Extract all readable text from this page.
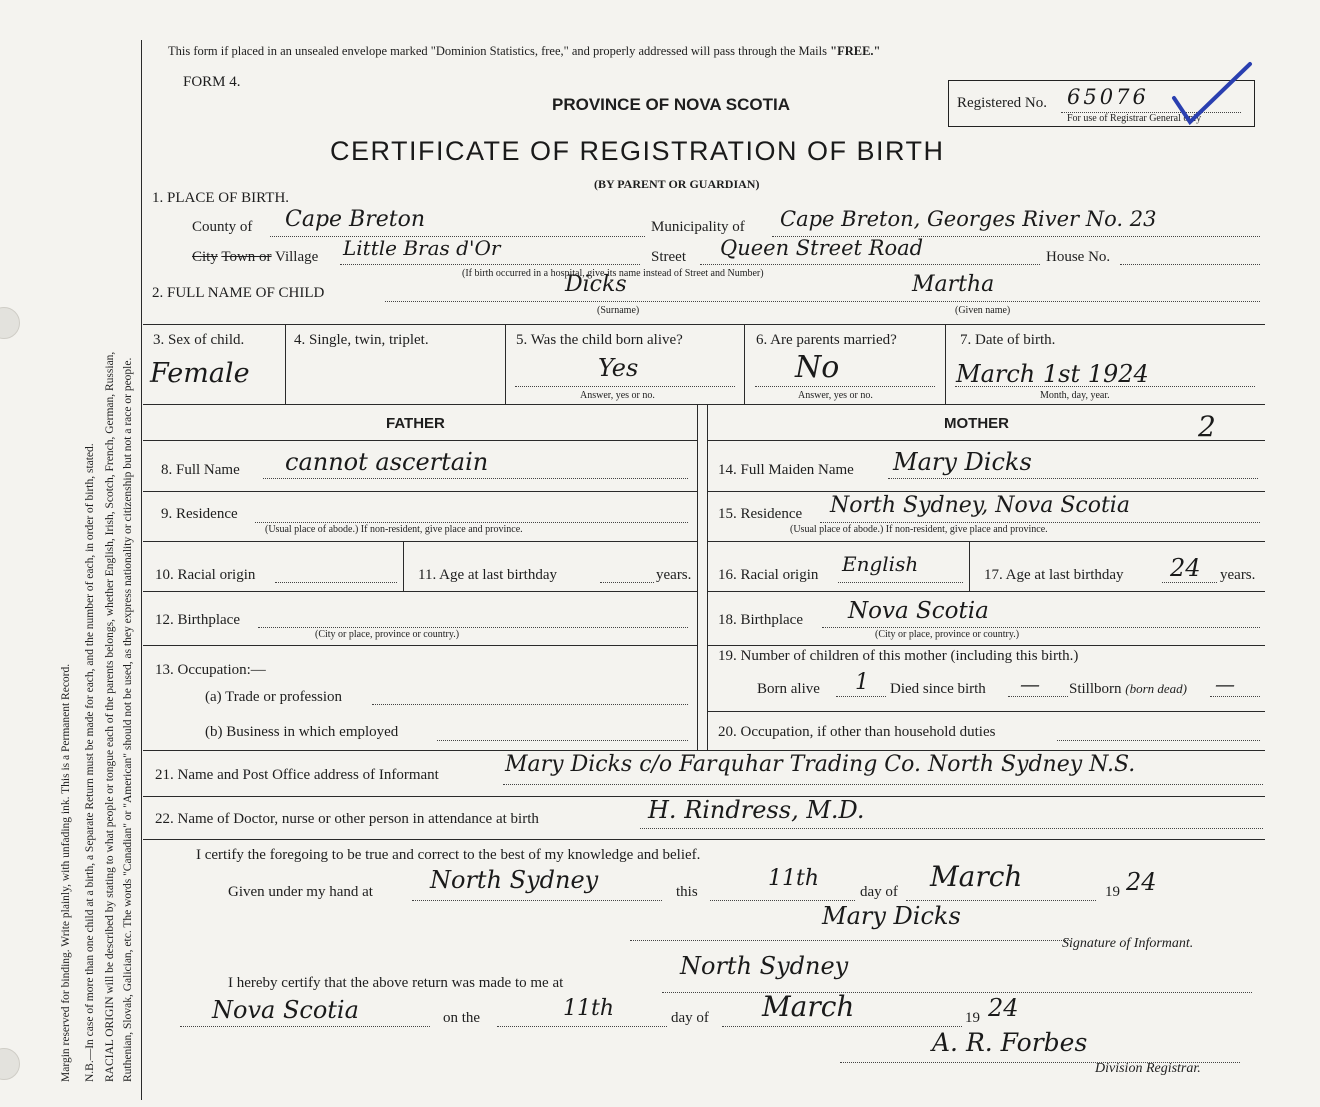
Margin reserved for binding. Write plainly, with unfading ink. This is a Permanent Record. N.B.—In case of more than one child at a birth, a Separate Return must be made for each, and the number of each, in order of birth, stated. RACIAL ORIGIN will be described by stating to what people or tongue each of the parents belongs, whether English, Irish, Scotch, French, German, Russian, Ruthenian, Slovak, Galician, etc. The words "Canadian" or "American" should not be used, as they express nationality or citizenship but not a race or people.
This form if placed in an unsealed envelope marked "Dominion Statistics, free," and properly addressed will pass through the Mails "FREE."
FORM 4.
PROVINCE OF NOVA SCOTIA	Registered No. 65076
For use of Registrar General only
CERTIFICATE OF REGISTRATION OF BIRTH
(BY PARENT OR GUARDIAN)
1. PLACE OF BIRTH.
County of Cape Breton	Municipality of Cape Breton, Georges River No. 23
City Town or Village Little Bras d'Or
(If birth occurred in a hospital, give its name instead of Street and Number)
Street Queen Street Road	House No.
2. FULL NAME OF CHILD	Dicks	Martha
(Surname)	(Given name)
3. Sex of child.
Female
4. Single, twin, triplet.	5. Was the child born alive?
Yes
Answer, yes or no.
6. Are parents married?
No
Answer, yes or no.
7. Date of birth.
March 1st 1924
Month, day, year.
FATHER	MOTHER	2
8. Full Name cannot ascertain	14. Full Maiden Name Mary Dicks
9. Residence
(Usual place of abode.) If non-resident, give place and province.
15. Residence North Sydney, Nova Scotia
(Usual place of abode.) If non-resident, give place and province.
10. Racial origin	11. Age at last birthday	years. 16. Racial origin English	17. Age at last birthday 24 years.
12. Birthplace
(City or place, province or country.)
18. Birthplace Nova Scotia
(City or place, province or country.)
13. Occupation:—
(a) Trade or profession
19. Number of children of this mother (including this birth.)
Born alive 1 Died since birth — Stillborn (born dead) —
(b) Business in which employed	20. Occupation, if other than household duties
21. Name and Post Office address of Informant	Mary Dicks c/o Farquhar Trading Co. North Sydney N.S.
22. Name of Doctor, nurse or other person in attendance at birth	H. Rindress, M.D.
I certify the foregoing to be true and correct to the best of my knowledge and belief.
Given under my hand at North Sydney	this
11th
day of March	19 24
Mary Dicks
Signature of Informant.
I hereby certify that the above return was made to me at
North Sydney
Nova Scotia	on the	11th	day of March	19 24
A. R. Forbes
Division Registrar.
